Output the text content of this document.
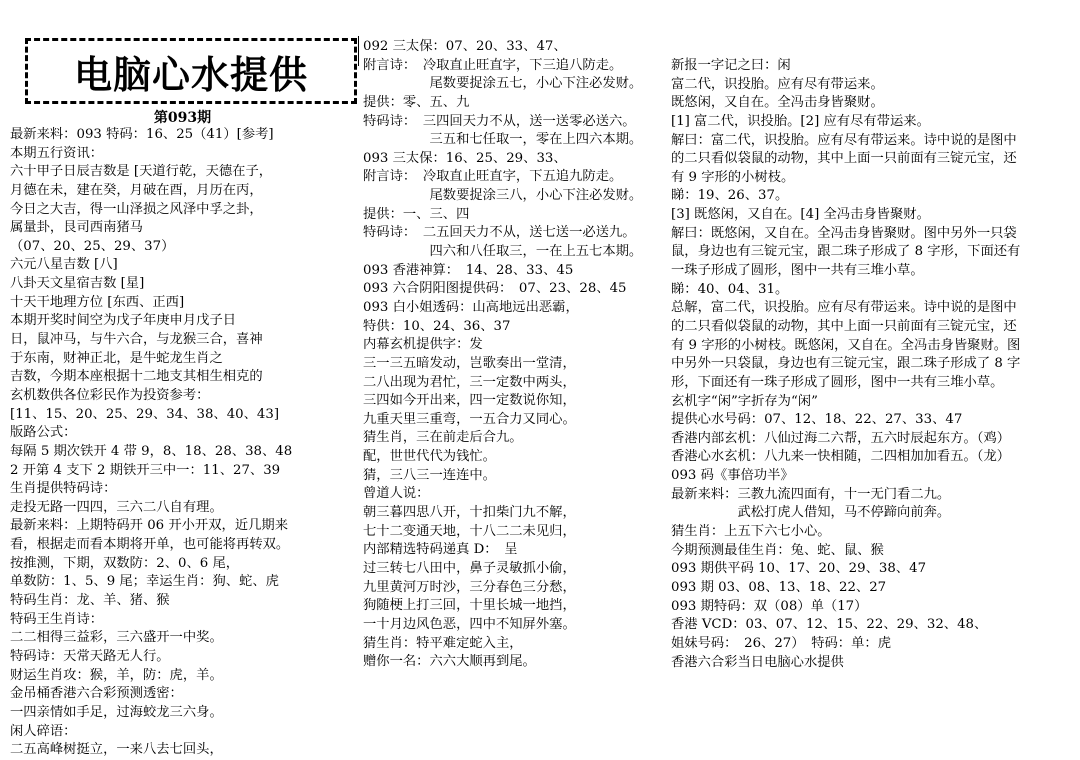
电脑心水提供
第093期
最新来料：093 特码：16、25（41）[参考]
本期五行资讯：
六十甲子日辰吉数是 [天道行乾，天德在子，
月德在未，建在癸，月破在酉，月历在丙，
今日之大吉，得一山泽损之风泽中孚之卦，
属量卦，艮司西南猪马
（07、20、25、29、37）
六元八星吉数 [八]
八卦天文星宿吉数 [星]
十天干地理方位 [东西、正西]
本期开奖时间空为戊子年庚申月戊子日
日，鼠冲马，与牛六合，与龙猴三合，喜神
于东南，财神正北，是牛蛇龙生肖之
吉数，今期本座根据十二地支其相生相克的
玄机数供各位彩民作为投资参考：
[11、15、20、25、29、34、38、40、43]
版路公式：
每隔 5 期次铁开 4 带 9，8、18、28、38、48
2 开第 4 支下 2 期铁开三中一：11、27、39
生肖提供特码诗：
走投无路一四四，三六二八自有理。
最新来料：上期特码开 06 开小开双，近几期来
看，根据走而看本期将开单，也可能将再转双。
按推测，下期，双数防：2、0、6 尾，
单数防：1、5、9 尾；幸运生肖：狗、蛇、虎
特码生肖：龙、羊、猪、猴
特码王生肖诗：
二二相得三益彩，三六盛开一中奖。
特码诗：天常天路无人行。
财运生肖攻：猴，羊，防：虎，羊。
金吊桶香港六合彩预测透密：
一四亲情如手足，过海蛟龙三六身。
闲人碎语：
二五高峰树挺立，一来八去七回头，
092 三太保：07、20、33、47、
附言诗：　冷取直止旺直字，下三追八防走。
　　　　　尾数要捉涂五七，小心下注必发财。
提供：零、五、九
特码诗：　三四回天力不从，送一送零必送六。
　　　　　三五和七任取一，零在上四六本期。
093 三太保：16、25、29、33、
附言诗：　冷取直止旺直字，下五追九防走。
　　　　　尾数要捉涂三八，小心下注必发财。
提供：一、三、四
特码诗：　二五回天力不从，送七送一必送九。
　　　　　四六和八任取三，一在上五七本期。
093 香港神算：　14、28、33、45
093 六合阴阳图提供码：　07、23、28、45
093 白小姐透码：山高地远出恶霸，
特供：10、24、36、37
内幕玄机提供字：发
三一三五暗发动，岂歌奏出一堂清，
二八出现为君忙，三一定数中两头，
三四如今开出来，四一定数说你知，
九重天里三重弯，一五合力又同心。
猜生肖，三在前走后合九。
配，世世代代为钱忙。
猜，三八三一连连中。
曾道人说：
朝三暮四思八开，十扣柴门九不解，
七十二变通天地，十八二二未见归，
内部精选特码递真 D：　呈
过三转七八田中，鼻子灵敏抓小偷，
九里黄河万时沙，三分春色三分愁，
狗随梗上打三回，十里长城一地挡，
一十月边风色恶，四中不知屏外塞。
猜生肖：特平难定蛇入主，
赠你一名：六六大顺再到尾。
新报一字记之曰：闲
富二代，识投胎。应有尽有带运来。
既悠闲，又自在。全冯击身皆聚财。
[1] 富二代，识投胎。[2] 应有尽有带运来。
解曰：富二代，识投胎。应有尽有带运来。诗中说的是图中
的二只看似袋鼠的动物，其中上面一只前面有三锭元宝，还
有 9 字形的小树枝。
睇：19、26、37。
[3] 既悠闲，又自在。[4] 全冯击身皆聚财。
解曰：既悠闲，又自在。全冯击身皆聚财。图中另外一只袋
鼠，身边也有三锭元宝，跟二珠子形成了 8 字形，下面还有
一珠子形成了圆形，图中一共有三堆小草。
睇：40、04、31。
总解，富二代，识投胎。应有尽有带运来。诗中说的是图中
的二只看似袋鼠的动物，其中上面一只前面有三锭元宝，还
有 9 字形的小树枝。既悠闲，又自在。全冯击身皆聚财。图
中另外一只袋鼠，身边也有三锭元宝，跟二珠子形成了 8 字
形，下面还有一珠子形成了圆形，图中一共有三堆小草。
玄机字“闲”字折存为“闲”
提供心水号码：07、12、18、22、27、33、47
香港内部玄机：八仙过海二六帮，五六时辰起东方。（鸡）
香港心水玄机：八九来一快相随，二四相加加看五。（龙）
093 码《事倍功半》
最新来料：三教九流四面有，十一无门看二九。
　　　　　武松打虎人借知，马不停蹄向前奔。
猜生肖：上五下六七小心。
今期预测最佳生肖：兔、蛇、鼠、猴
093 期供平码 10、17、20、29、38、47
093 期 03、08、13、18、22、27
093 期特码：双（08）单（17）
香港 VCD：03、07、12、15、22、29、32、48、
姐妹号码：　26、27）　特码：单：虎
香港六合彩当日电脑心水提供
